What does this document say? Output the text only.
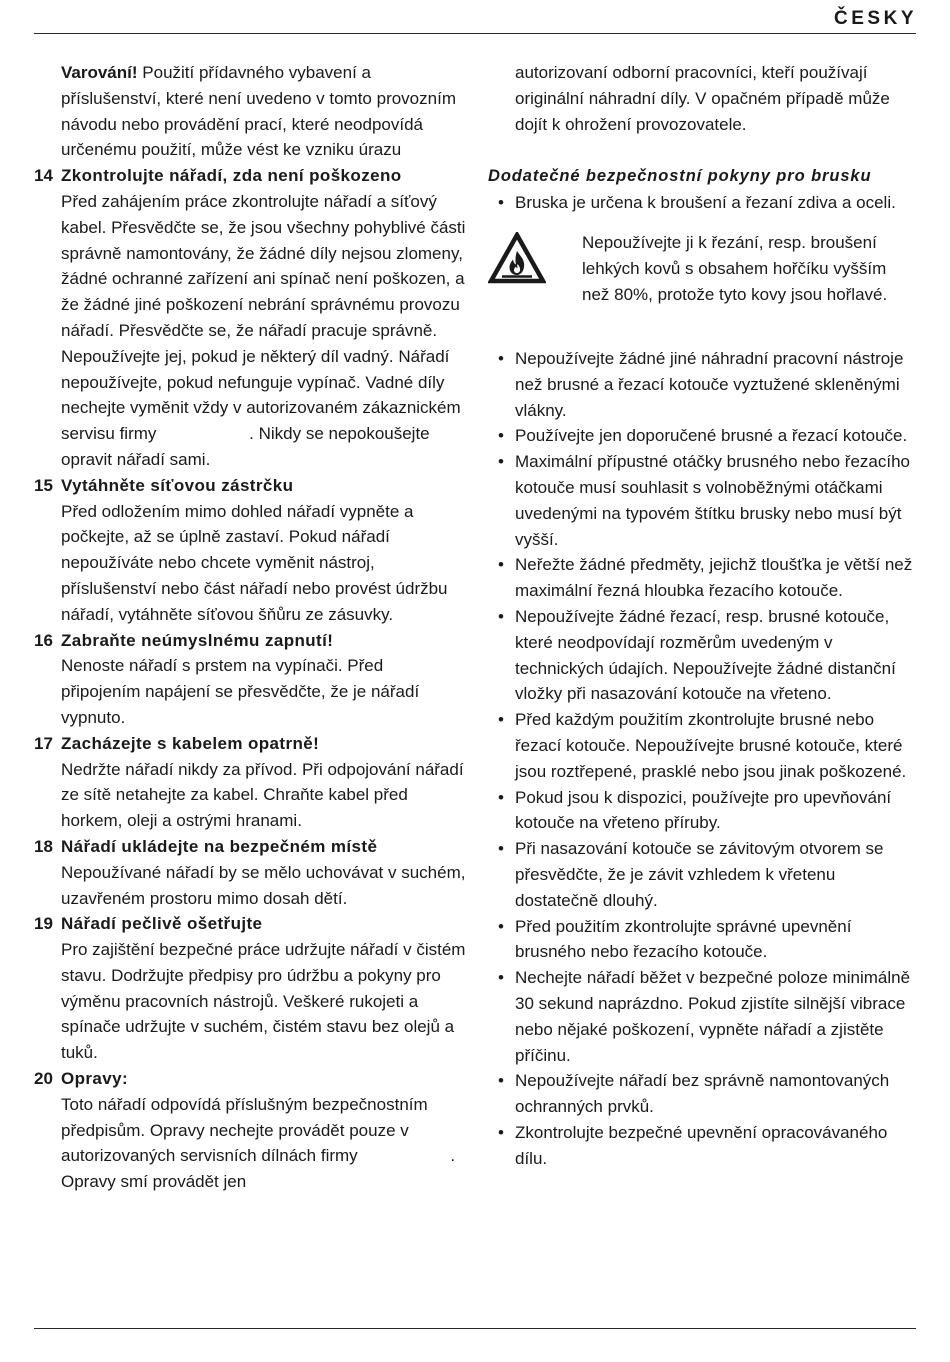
ČESKY

Varování! Použití přídavného vybavení a příslušenství, které není uvedeno v tomto provozním návodu nebo provádění prací, které neodpovídá určenému použití, může vést ke vzniku úrazu

14 Zkontrolujte nářadí, zda není poškozeno
Před zahájením práce zkontrolujte nářadí a síťový kabel. Přesvědčte se, že jsou všechny pohyblivé části správně namontovány, že žádné díly nejsou zlomeny, žádné ochranné zařízení ani spínač není poškozen, a že žádné jiné poškození nebrání správnému provozu nářadí. Přesvědčte se, že nářadí pracuje správně. Nepoužívejte jej, pokud je některý díl vadný. Nářadí nepoužívejte, pokud nefunguje vypínač. Vadné díly nechejte vyměnit vždy v autorizovaném zákaznickém servisu firmy	. Nikdy se nepokoušejte opravit nářadí sami.
15 Vytáhněte síťovou zástrčku
Před odložením mimo dohled nářadí vypněte a počkejte, až se úplně zastaví. Pokud nářadí nepoužíváte nebo chcete vyměnit nástroj, příslušenství nebo část nářadí nebo provést údržbu nářadí, vytáhněte síťovou šňůru ze zásuvky.
16 Zabraňte neúmyslnému zapnutí!
Nenoste nářadí s prstem na vypínači. Před připojením napájení se přesvědčte, že je nářadí vypnuto.
17 Zacházejte s kabelem opatrně!
Nedržte nářadí nikdy za přívod. Při odpojování nářadí ze sítě netahejte za kabel. Chraňte kabel před horkem, oleji a ostrými hranami.
18 Nářadí ukládejte na bezpečném místě
Nepoužívané nářadí by se mělo uchovávat v suchém, uzavřeném prostoru mimo dosah dětí.
19 Nářadí pečlivě ošetřujte
Pro zajištění bezpečné práce udržujte nářadí v čistém stavu. Dodržujte předpisy pro údržbu a pokyny pro výměnu pracovních nástrojů. Veškeré rukojeti a spínače udržujte v suchém, čistém stavu bez olejů a tuků.
20 Opravy:
Toto nářadí odpovídá příslušným bezpečnostním předpisům. Opravy nechejte provádět pouze v autorizovaných servisních dílnách firmy	. Opravy smí provádět jen

autorizovaní odborní pracovníci, kteří používají originální náhradní díly. V opačném případě může dojít k ohrožení provozovatele.

Dodatečné bezpečnostní pokyny pro brusku

• Bruska je určena k broušení a řezaní zdiva a oceli.

Nepoužívejte ji k řezání, resp. broušení lehkých kovů s obsahem hořčíku vyšším než 80%, protože tyto kovy jsou hořlavé.

• Nepoužívejte žádné jiné náhradní pracovní nástroje než brusné a řezací kotouče vyztužené skleněnými vlákny.
• Používejte jen doporučené brusné a řezací kotouče.
• Maximální přípustné otáčky brusného nebo řezacího kotouče musí souhlasit s volnoběžnými otáčkami uvedenými na typovém štítku brusky nebo musí být vyšší.
• Neřežte žádné předměty, jejichž tloušťka je větší než maximální řezná hloubka řezacího kotouče.
• Nepoužívejte žádné řezací, resp. brusné kotouče, které neodpovídají rozměrům uvedeným v technických údajích. Nepoužívejte žádné distanční vložky při nasazování kotouče na vřeteno.
• Před každým použitím zkontrolujte brusné nebo řezací kotouče. Nepoužívejte brusné kotouče, které jsou roztřepené, prasklé nebo jsou jinak poškozené.
• Pokud jsou k dispozici, používejte pro upevňování kotouče na vřeteno příruby.
• Při nasazování kotouče se závitovým otvorem se přesvědčte, že je závit vzhledem k vřetenu dostatečně dlouhý.
• Před použitím zkontrolujte správné upevnění brusného nebo řezacího kotouče.
• Nechejte nářadí běžet v bezpečné poloze minimálně 30 sekund naprázdno. Pokud zjistíte silnější vibrace nebo nějaké poškození, vypněte nářadí a zjistěte příčinu.
• Nepoužívejte nářadí bez správně namontovaných ochranných prvků.
• Zkontrolujte bezpečné upevnění opracovávaného dílu.
